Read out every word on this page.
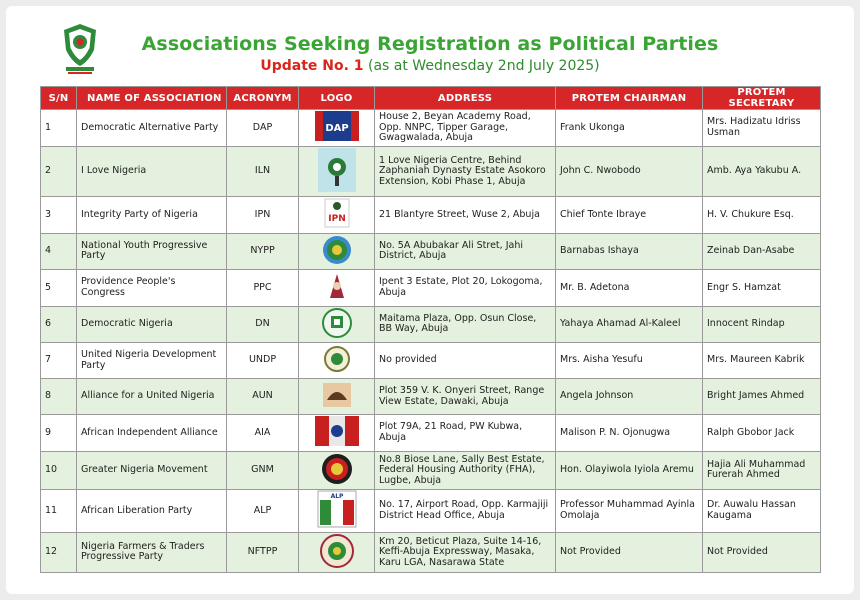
Associations Seeking Registration as Political Parties
Update No. 1 (as at Wednesday 2nd July 2025)
S/N	NAME OF ASSOCIATION	ACRONYM	LOGO	ADDRESS	PROTEM CHAIRMAN	PROTEM SECRETARY
1	Democratic Alternative Party	DAP	DAP	House 2, Beyan Academy Road, Opp. NNPC, Tipper Garage, Gwagwalada, Abuja	Frank Ukonga	Mrs. Hadizatu Idriss Usman
2	I Love Nigeria	ILN		1 Love Nigeria Centre, Behind Zaphaniah Dynasty Estate Asokoro Extension, Kobi Phase 1, Abuja	John C. Nwobodo	Amb. Aya Yakubu A.
3	Integrity Party of Nigeria	IPN	IPN	21 Blantyre Street, Wuse 2, Abuja	Chief Tonte Ibraye	H. V. Chukure Esq.
4	National Youth Progressive Party	NYPP		No. 5A Abubakar Ali Stret, Jahi District, Abuja	Barnabas Ishaya	Zeinab Dan-Asabe
5	Providence People's Congress	PPC		Ipent 3 Estate, Plot 20, Lokogoma, Abuja	Mr. B. Adetona	Engr S. Hamzat
6	Democratic Nigeria	DN		Maitama Plaza, Opp. Osun Close, BB Way, Abuja	Yahaya Ahamad Al-Kaleel	Innocent Rindap
7	United Nigeria Development Party	UNDP		No provided	Mrs. Aisha Yesufu	Mrs. Maureen Kabrik
8	Alliance for a United Nigeria	AUN		Plot 359 V. K. Onyeri Street, Range View Estate, Dawaki, Abuja	Angela Johnson	Bright James Ahmed
9	African Independent Alliance	AIA		Plot 79A, 21 Road, PW Kubwa, Abuja	Malison P. N. Ojonugwa	Ralph Gbobor Jack
10	Greater Nigeria Movement	GNM		No.8 Biose Lane, Sally Best Estate, Federal Housing Authority (FHA), Lugbe, Abuja	Hon. Olayiwola Iyiola Aremu	Hajia Ali Muhammad Furerah Ahmed
11	African Liberation Party	ALP	ALP	No. 17, Airport Road, Opp. Karmajiji District Head Office, Abuja	Professor Muhammad Ayinla Omolaja	Dr. Auwalu Hassan Kaugama
12	Nigeria Farmers & Traders Progressive Party	NFTPP		Km 20, Beticut Plaza, Suite 14-16, Keffi-Abuja Expressway, Masaka, Karu LGA, Nasarawa State	Not Provided	Not Provided
